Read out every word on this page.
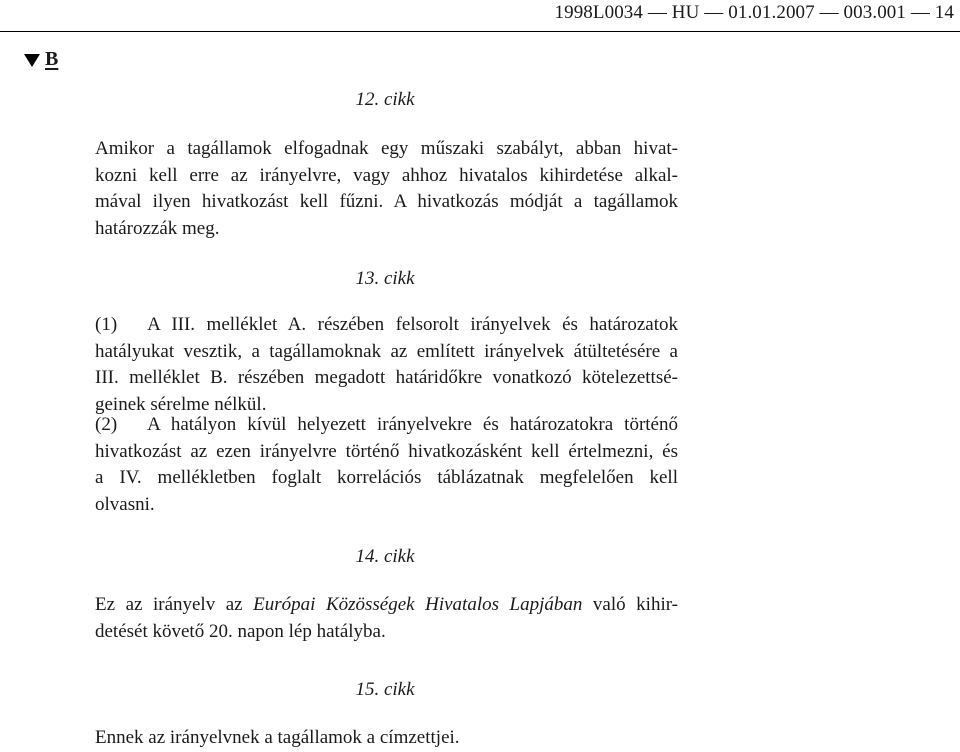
1998L0034 — HU — 01.01.2007 — 003.001 — 14
B
12. cikk
Amikor a tagállamok elfogadnak egy műszaki szabályt, abban hivat-
kozni kell erre az irányelvre, vagy ahhoz hivatalos kihirdetése alkal-
mával ilyen hivatkozást kell fűzni. A hivatkozás módját a tagállamok
határozzák meg.
13. cikk
(1) A III. melléklet A. részében felsorolt irányelvek és határozatok
hatályukat vesztik, a tagállamoknak az említett irányelvek átültetésére a
III. melléklet B. részében megadott határidőkre vonatkozó kötelezettsé-
geinek sérelme nélkül.
(2) A hatályon kívül helyezett irányelvekre és határozatokra történő
hivatkozást az ezen irányelvre történő hivatkozásként kell értelmezni, és
a IV. mellékletben foglalt korrelációs táblázatnak megfelelően kell
olvasni.
14. cikk
Ez az irányelv az Európai Közösségek Hivatalos Lapjában való kihir-
detését követő 20. napon lép hatályba.
15. cikk
Ennek az irányelvnek a tagállamok a címzettjei.
